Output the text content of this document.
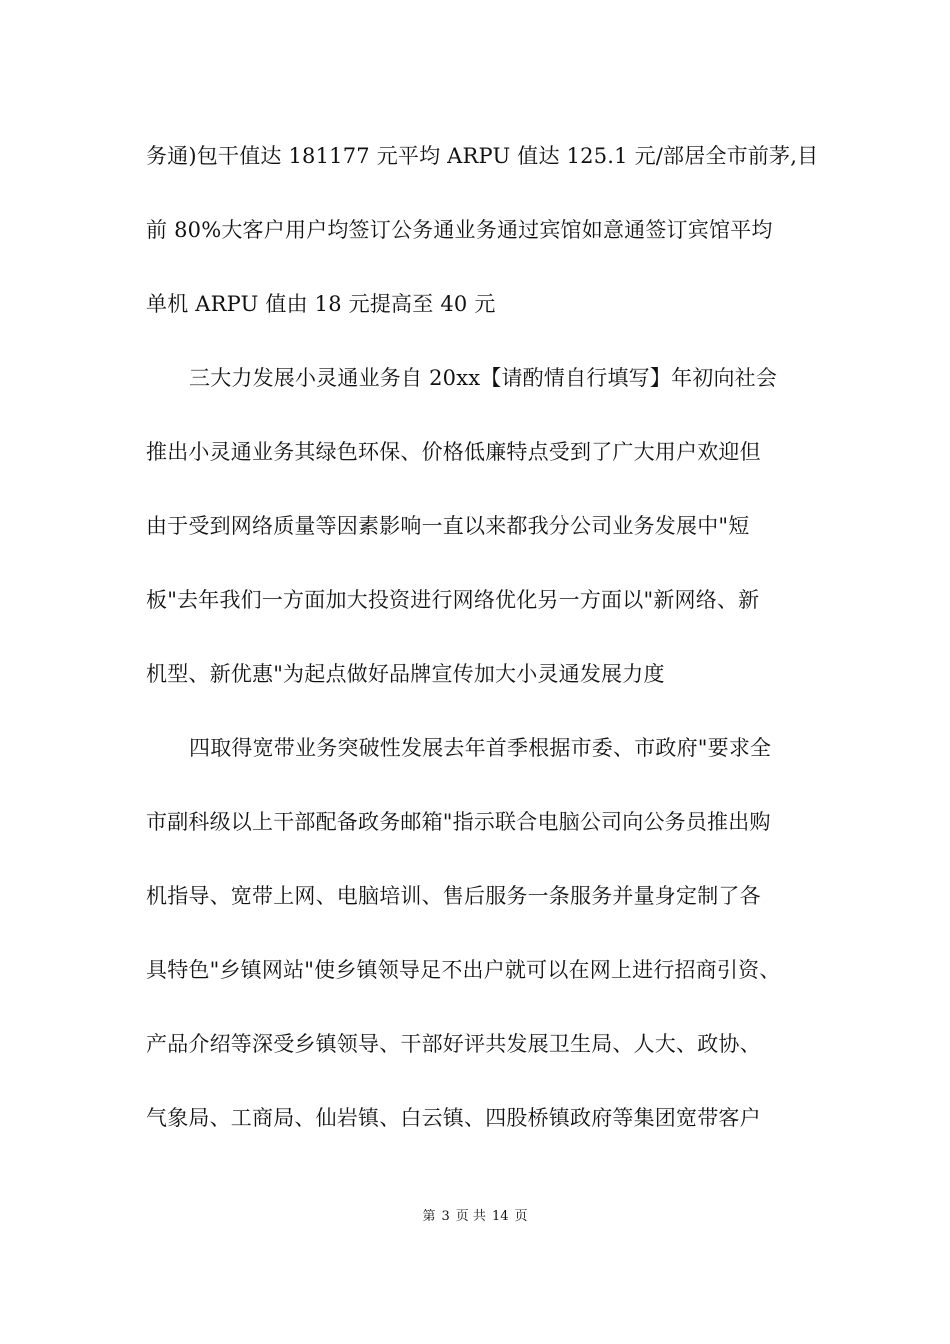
务通)包干值达 181177 元平均 ARPU 值达 125.1 元/部居全市前茅,目
前 80%大客户用户均签订公务通业务通过宾馆如意通签订宾馆平均
单机 ARPU 值由 18 元提高至 40 元
三大力发展小灵通业务自 20xx【请酌情自行填写】年初向社会
推出小灵通业务其绿色环保、价格低廉特点受到了广大用户欢迎但
由于受到网络质量等因素影响一直以来都我分公司业务发展中"短
板"去年我们一方面加大投资进行网络优化另一方面以"新网络、新
机型、新优惠"为起点做好品牌宣传加大小灵通发展力度
四取得宽带业务突破性发展去年首季根据市委、市政府"要求全
市副科级以上干部配备政务邮箱"指示联合电脑公司向公务员推出购
机指导、宽带上网、电脑培训、售后服务一条服务并量身定制了各
具特色"乡镇网站"使乡镇领导足不出户就可以在网上进行招商引资、
产品介绍等深受乡镇领导、干部好评共发展卫生局、人大、政协、
气象局、工商局、仙岩镇、白云镇、四股桥镇政府等集团宽带客户
第 3 页 共 14 页
